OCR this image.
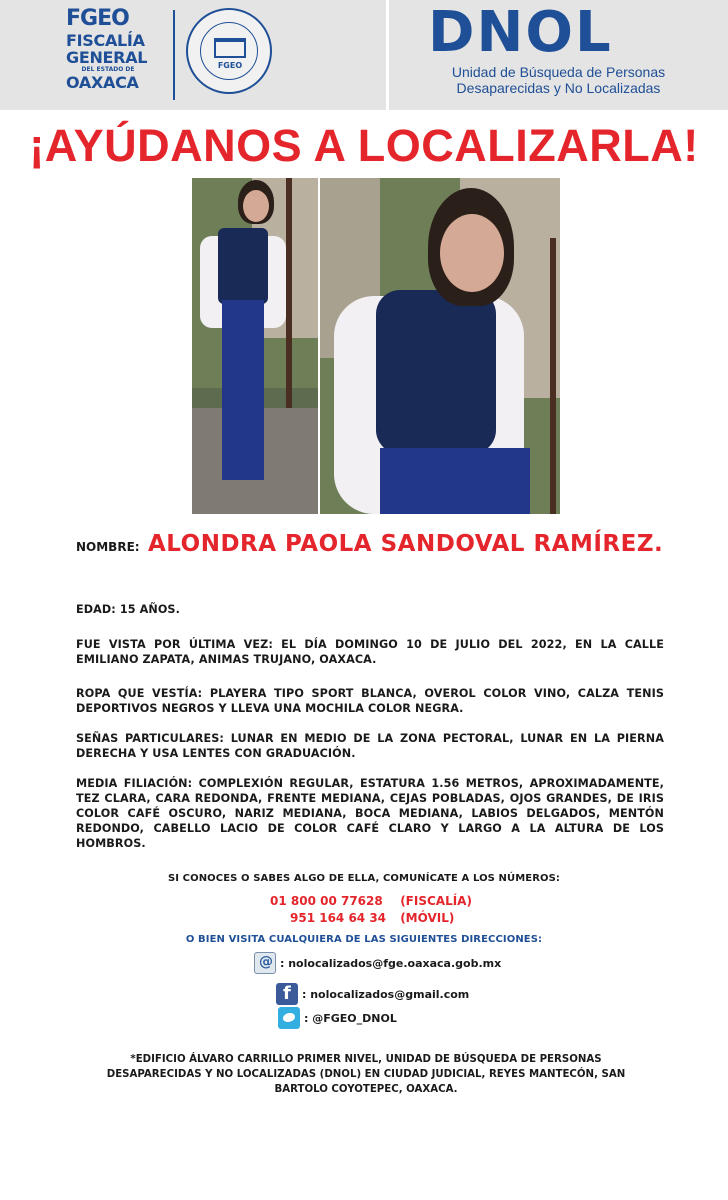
FGEO
FISCALÍA
GENERAL
DEL ESTADO DE
OAXACA
FGEO
DNOL
Unidad de Búsqueda de Personas
Desaparecidas y No Localizadas
¡AYÚDANOS A LOCALIZARLA!
NOMBRE: ALONDRA PAOLA SANDOVAL RAMÍREZ.
EDAD: 15 AÑOS.
FUE VISTA POR ÚLTIMA VEZ: EL DÍA DOMINGO 10 DE JULIO DEL 2022, EN LA CALLE EMILIANO ZAPATA, ANIMAS TRUJANO, OAXACA.
ROPA QUE VESTÍA: PLAYERA TIPO SPORT BLANCA, OVEROL COLOR VINO, CALZA TENIS DEPORTIVOS NEGROS Y LLEVA UNA MOCHILA COLOR NEGRA.
SEÑAS PARTICULARES: LUNAR EN MEDIO DE LA ZONA PECTORAL, LUNAR EN LA PIERNA DERECHA Y USA LENTES CON GRADUACIÓN.
MEDIA FILIACIÓN: COMPLEXIÓN REGULAR, ESTATURA 1.56 METROS, APROXIMADAMENTE, TEZ CLARA, CARA REDONDA, FRENTE MEDIANA, CEJAS POBLADAS, OJOS GRANDES, DE IRIS COLOR CAFÉ OSCURO, NARIZ MEDIANA, BOCA MEDIANA, LABIOS DELGADOS, MENTÓN REDONDO, CABELLO LACIO DE COLOR CAFÉ CLARO Y LARGO A LA ALTURA DE LOS HOMBROS.
SI CONOCES O SABES ALGO DE ELLA, COMUNÍCATE A LOS NÚMEROS:
01 800 00 77628 (FISCALÍA)
951 164 64 34 (MÓVIL)
O BIEN VISITA CUALQUIERA DE LAS SIGUIENTES DIRECCIONES:
@
: nolocalizados@fge.oaxaca.gob.mx
f
: nolocalizados@gmail.com
: @FGEO_DNOL
*EDIFICIO ÁLVARO CARRILLO PRIMER NIVEL, UNIDAD DE BÚSQUEDA DE PERSONAS DESAPARECIDAS Y NO LOCALIZADAS (DNOL) EN CIUDAD JUDICIAL, REYES MANTECÓN, SAN BARTOLO COYOTEPEC, OAXACA.
